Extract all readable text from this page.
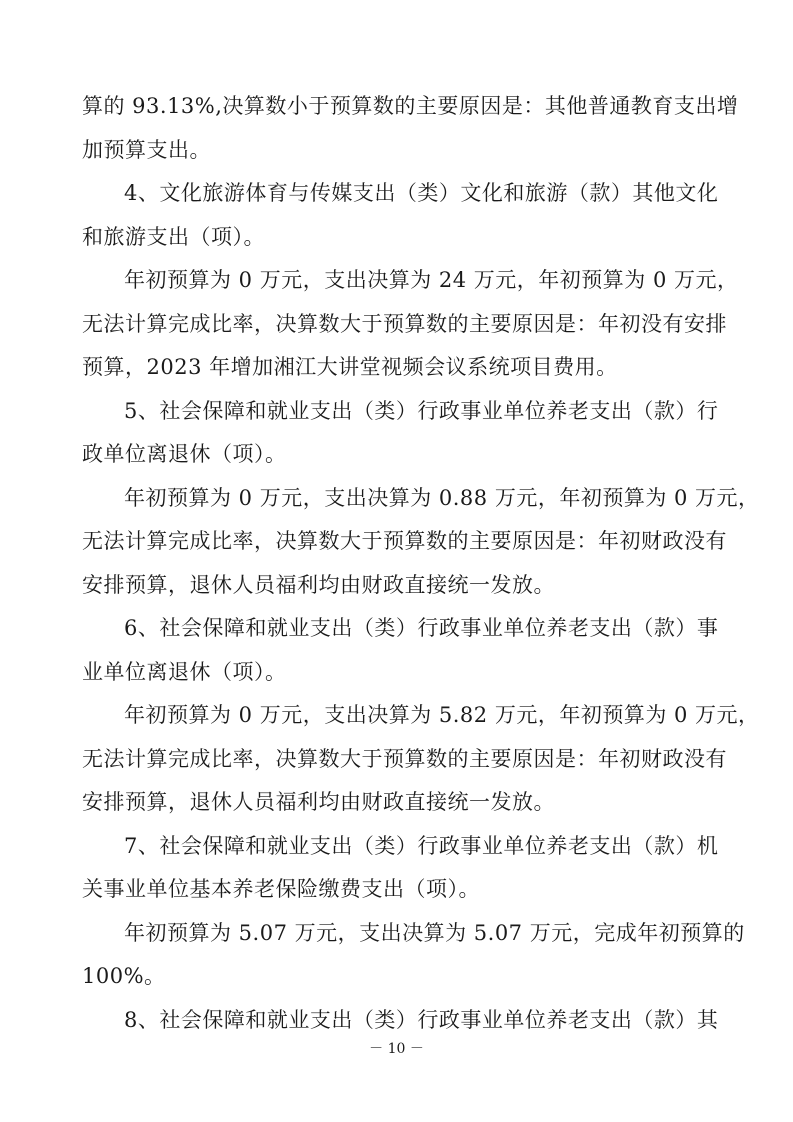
算的 93.13%,决算数小于预算数的主要原因是：其他普通教育支出增
加预算支出。
4、文化旅游体育与传媒支出（类）文化和旅游（款）其他文化
和旅游支出（项）。
年初预算为 0 万元，支出决算为 24 万元，年初预算为 0 万元，
无法计算完成比率，决算数大于预算数的主要原因是：年初没有安排
预算，2023 年增加湘江大讲堂视频会议系统项目费用。
5、社会保障和就业支出（类）行政事业单位养老支出（款）行
政单位离退休（项）。
年初预算为 0 万元，支出决算为 0.88 万元，年初预算为 0 万元，
无法计算完成比率，决算数大于预算数的主要原因是：年初财政没有
安排预算，退休人员福利均由财政直接统一发放。
6、社会保障和就业支出（类）行政事业单位养老支出（款）事
业单位离退休（项）。
年初预算为 0 万元，支出决算为 5.82 万元，年初预算为 0 万元，
无法计算完成比率，决算数大于预算数的主要原因是：年初财政没有
安排预算，退休人员福利均由财政直接统一发放。
7、社会保障和就业支出（类）行政事业单位养老支出（款）机
关事业单位基本养老保险缴费支出（项）。
年初预算为 5.07 万元，支出决算为 5.07 万元，完成年初预算的
100%。
8、社会保障和就业支出（类）行政事业单位养老支出（款）其
－ 10 －
